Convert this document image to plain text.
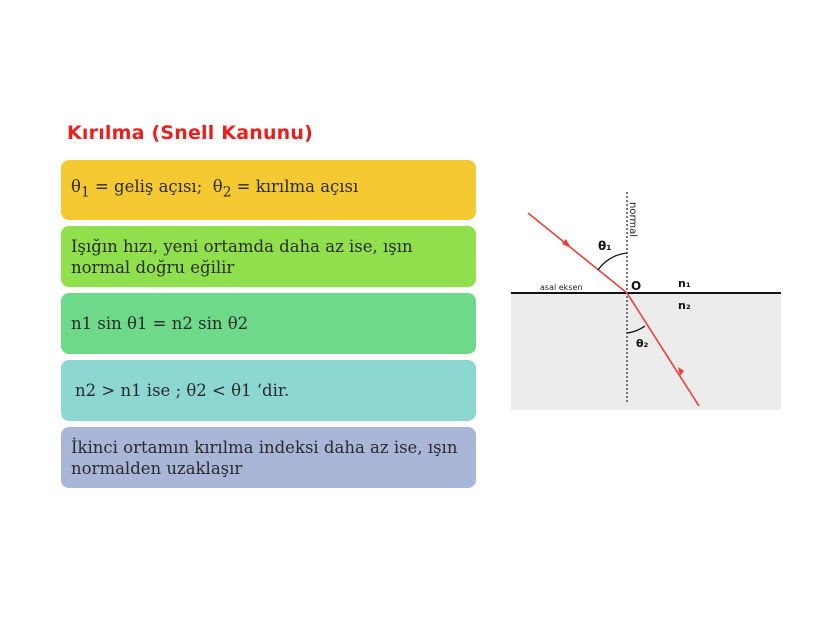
Kırılma (Snell Kanunu)
$\theta_1$ = geliş açısı;  $\theta_2$ = kırılma açısı
Işığın hızı, yeni ortamda daha az ise, ışın normal doğru eğilir
n1 sin θ1 = n2 sin θ2
n2 > n1 ise ; θ2 < θ1 ‘dir.
İkinci ortamın kırılma indeksi daha az ise, ışın normalden uzaklaşır
normal
asal eksen	O	n₁
n₂
θ₁
θ₂
